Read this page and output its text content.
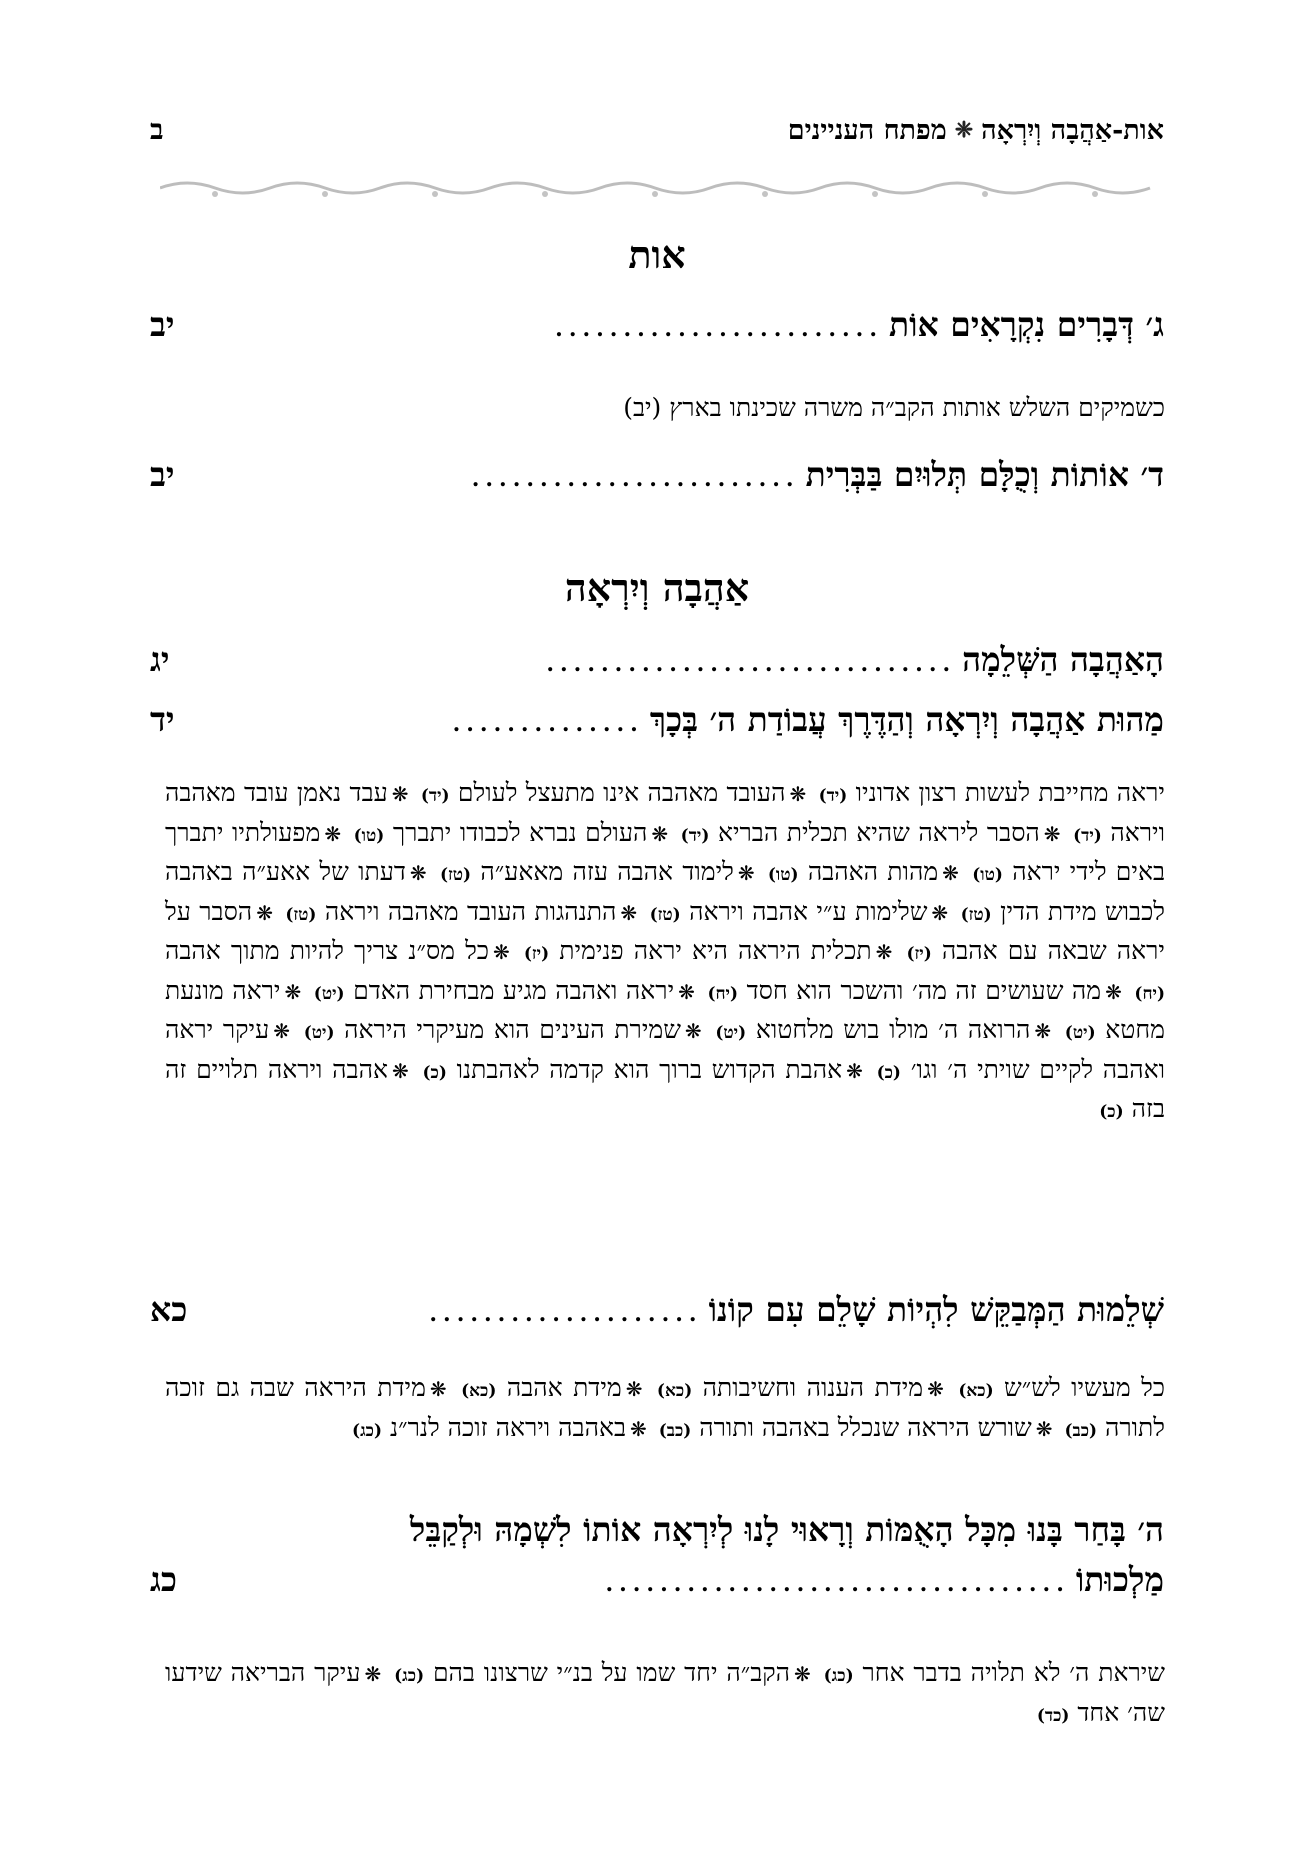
אות-אַהֲבָה וְיִרְאָה
❈
מפתח העניינים
ב
אות
ג׳ דְּבָרִים נִקְרָאִים אוֹת
........................
יב
כשמיקים השלש אותות הקב״ה משרה שכינתו בארץ (יב)
ד׳ אוֹתוֹת וְכֻלָּם תְּלוּיִם בַּבְּרִית
........................
יב
אַהֲבָה וְיִרְאָה
הָאַהֲבָה הַשְּׁלֵמָה
..............................
יג
מַהוּת אַהֲבָה וְיִרְאָה וְהַדֶּרֶךְ עֲבוֹדַת ה׳ בְּכָךְ
..............
יד
יראה מחייבת לעשות רצון אדוניו (יד) ❋העובד מאהבה אינו מתעצל לעולם (יד) ❋עבד נאמן עובד מאהבה ויראה (יד) ❋הסבר ליראה שהיא תכלית הבריא (יד) ❋העולם נברא לכבודו יתברך (טו) ❋מפעולתיו יתברך באים לידי יראה (טו) ❋מהות האהבה (טו) ❋לימוד אהבה עזה מאאע״ה (טז) ❋דעתו של אאע״ה באהבה לכבוש מידת הדין (טז) ❋שלימות ע״י אהבה ויראה (טז) ❋התנהגות העובד מאהבה ויראה (טז) ❋הסבר על יראה שבאה עם אהבה (יז) ❋תכלית היראה היא יראה פנימית (יז) ❋כל מס״נ צריך להיות מתוך אהבה (יח) ❋מה שעושים זה מה׳ והשכר הוא חסד (יח) ❋יראה ואהבה מגיע מבחירת האדם (יט) ❋יראה מונעת מחטא (יט) ❋הרואה ה׳ מולו בוש מלחטוא (יט) ❋שמירת העינים הוא מעיקרי היראה (יט) ❋עיקר יראה ואהבה לקיים שויתי ה׳ וגו׳ (כ) ❋אהבת הקדוש ברוך הוא קדמה לאהבתנו (כ) ❋אהבה ויראה תלויים זה בזה (כ)
שְׁלֵמוּת הַמְּבַקֵּשׁ לִהְיוֹת שָׁלֵם עִם קוֹנוֹ
....................
כא
כל מעשיו לש״ש (כא) ❋מידת הענוה וחשיבותה (כא) ❋מידת אהבה (כא) ❋מידת היראה שבה גם זוכה לתורה (כב) ❋שורש היראה שנכלל באהבה ותורה (כב) ❋באהבה ויראה זוכה לנר״נ (כג)
ה׳ בָּחַר בָּנוּ מִכָּל הָאֻמּוֹת וְרָאוּי לָנוּ לְיִרְאָה אוֹתוֹ לִשְׁמָהּ וּלְקַבֵּל
מַלְכוּתוֹ
..................................
כג
שיראת ה׳ לא תלויה בדבר אחר (כג) ❋הקב״ה יחד שמו על בנ״י שרצונו בהם (כג) ❋עיקר הבריאה שידעו שה׳ אחד (כד)
